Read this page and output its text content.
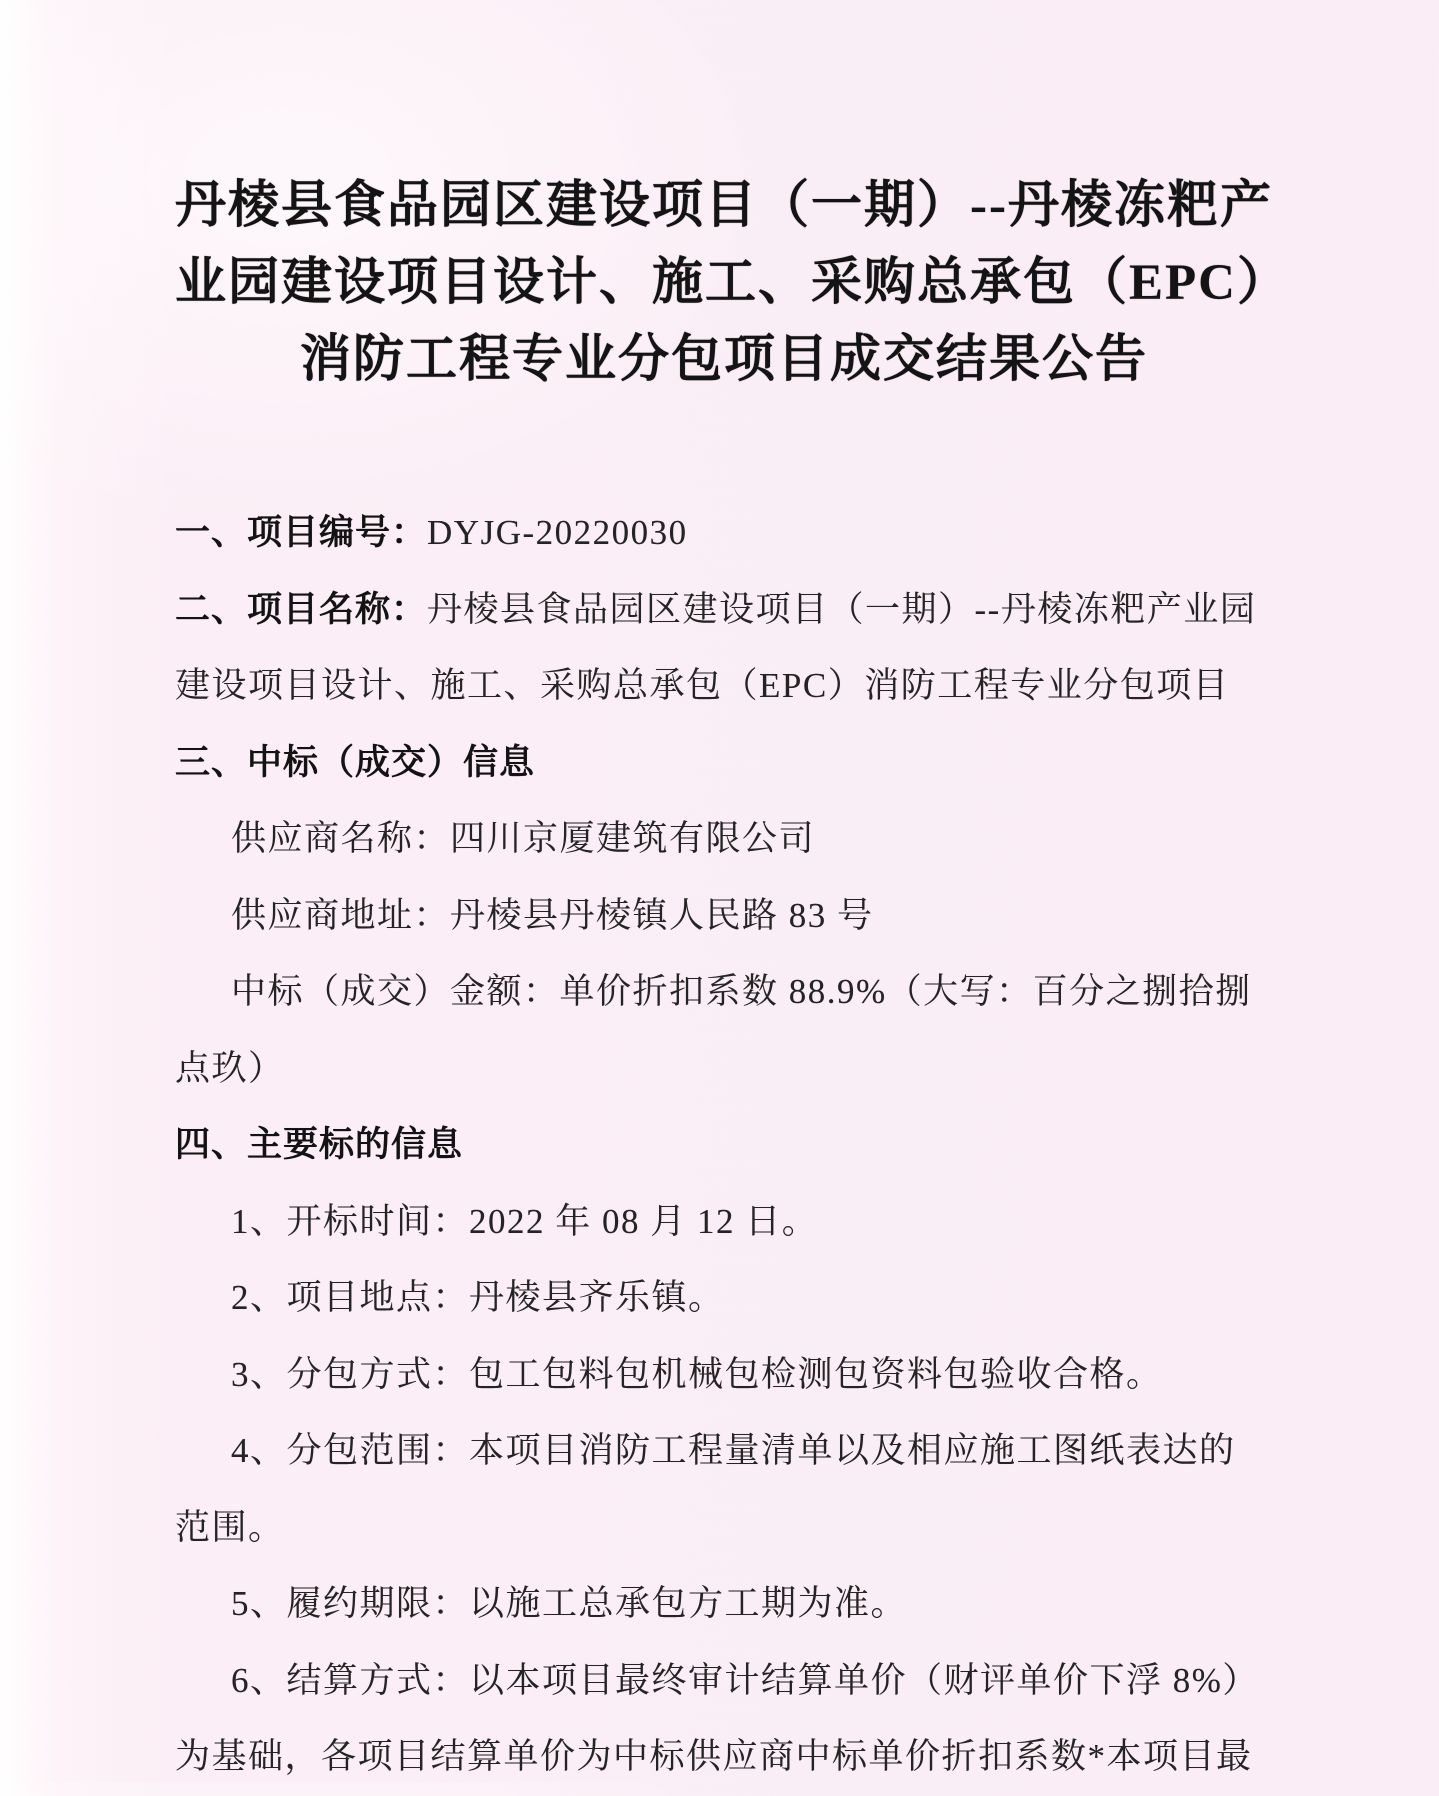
丹棱县食品园区建设项目（一期）--丹棱冻粑产
业园建设项目设计、施工、采购总承包（EPC）
消防工程专业分包项目成交结果公告
一、项目编号：DYJG-20220030
二、项目名称：丹棱县食品园区建设项目（一期）--丹棱冻粑产业园
建设项目设计、施工、采购总承包（EPC）消防工程专业分包项目
三、中标（成交）信息
供应商名称：四川京厦建筑有限公司
供应商地址：丹棱县丹棱镇人民路 83 号
中标（成交）金额：单价折扣系数 88.9%（大写：百分之捌拾捌
点玖）
四、主要标的信息
1、开标时间：2022 年 08 月 12 日。
2、项目地点：丹棱县齐乐镇。
3、分包方式：包工包料包机械包检测包资料包验收合格。
4、分包范围：本项目消防工程量清单以及相应施工图纸表达的
范围。
5、履约期限：以施工总承包方工期为准。
6、结算方式：以本项目最终审计结算单价（财评单价下浮 8%）
为基础，各项目结算单价为中标供应商中标单价折扣系数*本项目最
